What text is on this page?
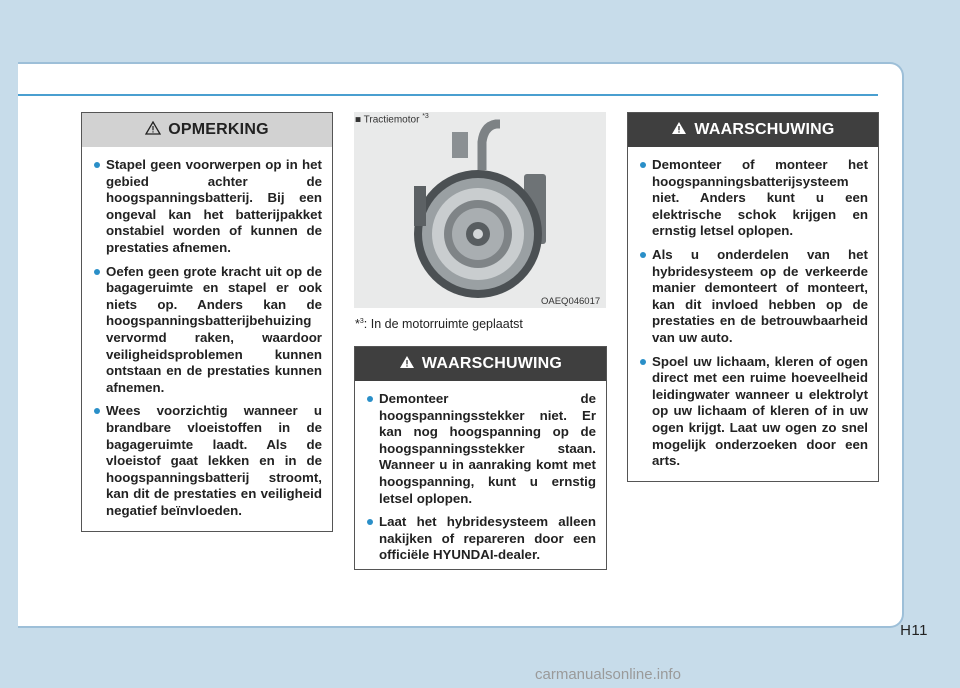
OPMERKING
Stapel geen voorwerpen op in het gebied achter de hoogspanningsbatterij. Bij een ongeval kan het batterijpakket onstabiel worden of kunnen de prestaties afnemen.
Oefen geen grote kracht uit op de bagageruimte en stapel er ook niets op. Anders kan de hoogspanningsbatterijbehuizing vervormd raken, waardoor veiligheidsproblemen kunnen ontstaan en de prestaties kunnen afnemen.
Wees voorzichtig wanneer u brandbare vloeistoffen in de bagageruimte laadt. Als de vloeistof gaat lekken en in de hoogspanningsbatterij stroomt, kan dit de prestaties en veiligheid negatief beïnvloeden.
■ Tractiemotor $^{*3}$
OAEQ046017
*$^3$: In de motorruimte geplaatst
WAARSCHUWING
Demonteer de hoogspanningsstekker niet. Er kan nog hoogspanning op de hoogspanningsstekker staan. Wanneer u in aanraking komt met hoogspanning, kunt u ernstig letsel oplopen.
Laat het hybridesysteem alleen nakijken of repareren door een officiële HYUNDAI-dealer.
WAARSCHUWING
Demonteer of monteer het hoogspanningsbatterijsysteem niet. Anders kunt u een elektrische schok krijgen en ernstig letsel oplopen.
Als u onderdelen van het hybridesysteem op de verkeerde manier demonteert of monteert, kan dit invloed hebben op de prestaties en de betrouwbaarheid van uw auto.
Spoel uw lichaam, kleren of ogen direct met een ruime hoeveelheid leidingwater wanneer u elektrolyt op uw lichaam of kleren of in uw ogen krijgt. Laat uw ogen zo snel mogelijk onderzoeken door een arts.
H11
carmanualsonline.info
